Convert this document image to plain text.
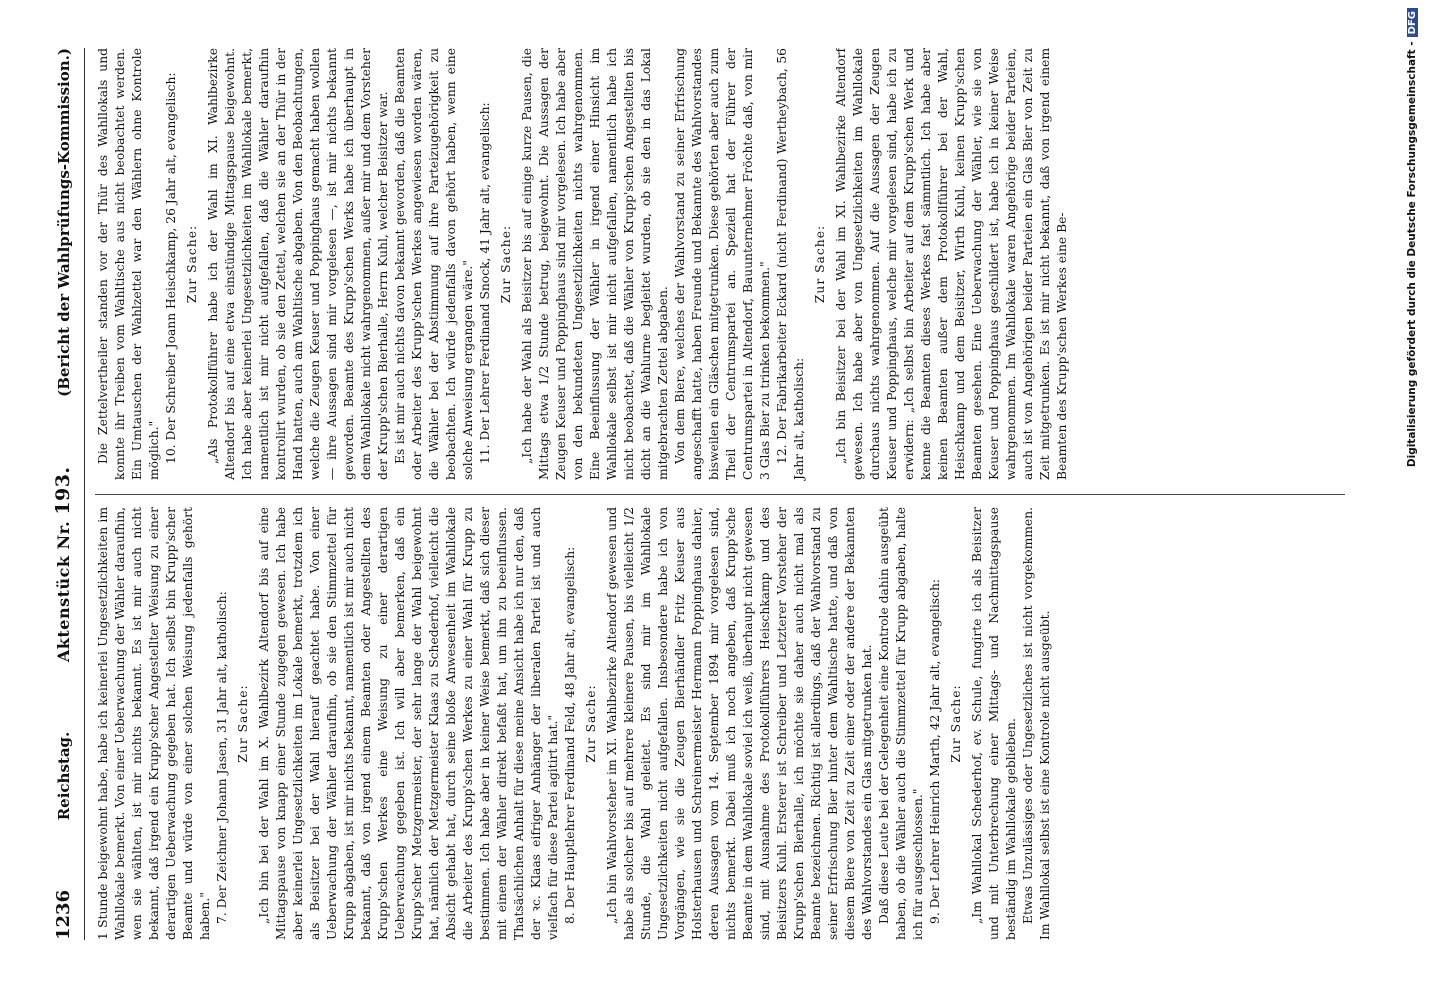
1236
Reichstag.
Aktenstück Nr. 193.
(Bericht der Wahlprüfungs-Kommission.)

1 Stunde beigewohnt habe, habe ich keinerlei Ungesetzlichkeiten im Wahllokale bemerkt. Von einer Ueberwachung der Wähler daraufhin, wen sie wählten, ist mir nichts bekannt. Es ist mir auch nicht bekannt, daß irgend ein Krupp'scher Angestellter Weisung zu einer derartigen Ueberwachung gegeben hat. Ich selbst bin Krupp'scher Beamte und würde von einer solchen Weisung jedenfalls gehört haben." 7. Der Zeichner Johann Jasen, 31 Jahr alt, katholisch: Zur Sache: „Ich bin bei der Wahl im X. Wahlbezirk Altendorf bis auf eine Mittagspause von knapp einer Stunde zugegen gewesen. Ich habe aber keinerlei Ungesetzlichkeiten im Lokale bemerkt, trotzdem ich als Beisitzer bei der Wahl hierauf geachtet habe. Von einer Ueberwachung der Wähler daraufhin, ob sie den Stimmzettel für Krupp abgaben, ist mir nichts bekannt, namentlich ist mir auch nicht bekannt, daß von irgend einem Beamten oder Angestellten des Krupp'schen Werkes eine Weisung zu einer derartigen Ueberwachung gegeben ist. Ich will aber bemerken, daß ein Krupp'scher Metzgermeister, der sehr lange der Wahl beigewohnt hat, nämlich der Metzgermeister Klaas zu Schederhof, vielleicht die Absicht gehabt hat, durch seine bloße Anwesenheit im Wahllokale die Arbeiter des Krupp'schen Werkes zu einer Wahl für Krupp zu bestimmen. Ich habe aber in keiner Weise bemerkt, daß sich dieser mit einem der Wähler direkt befaßt hat, um ihn zu beeinflussen. Thatsächlichen Anhalt für diese meine Ansicht habe ich nur den, daß der ꝛc. Klaas eifriger Anhänger der liberalen Partei ist und auch vielfach für diese Partei agitirt hat." 8. Der Hauptlehrer Ferdinand Feld, 48 Jahr alt, evangelisch: Zur Sache: „Ich bin Wahlvorsteher im XI. Wahlbezirke Altendorf gewesen und habe als solcher bis auf mehrere kleinere Pausen, bis vielleicht 1/2 Stunde, die Wahl geleitet. Es sind mir im Wahllokale Ungesetzlichkeiten nicht aufgefallen. Insbesondere habe ich von Vorgängen, wie sie die Zeugen Bierhändler Fritz Keuser aus Holsterhausen und Schreinermeister Hermann Poppinghaus dahier, deren Aussagen vom 14. September 1894 mir vorgelesen sind, nichts bemerkt. Dabei muß ich noch angeben, daß Krupp'sche Beamte in dem Wahllokale soviel ich weiß, überhaupt nicht gewesen sind, mit Ausnahme des Protokollführers Heischkamp und des Beisitzers Kuhl. Ersterer ist Schreiber und Letzterer Vorsteher der Krupp'schen Bierhalle, ich möchte sie daher auch nicht mal als Beamte bezeichnen. Richtig ist allerdings, daß der Wahlvorstand zu seiner Erfrischung Bier hinter dem Wahltische hatte, und daß von diesem Biere von Zeit zu Zeit einer oder der andere der Bekannten des Wahlvorstandes ein Glas mitgetrunken hat. Daß diese Leute bei der Gelegenheit eine Kontrole dahin ausgeübt haben, ob die Wähler auch die Stimmzettel für Krupp abgaben, halte ich für ausgeschlossen." 9. Der Lehrer Heinrich Marth, 42 Jahr alt, evangelisch: Zur Sache: „Im Wahllokal Schederhof, ev. Schule, fungirte ich als Beisitzer und mit Unterbrechung einer Mittags- und Nachmittagspause beständig im Wahllokale geblieben. Etwas Unzulässiges oder Ungesetzliches ist nicht vorgekommen. Im Wahllokal selbst ist eine Kontrole nicht ausgeübt.

Die Zettelvertheiler standen vor der Thür des Wahllokals und konnte ihr Treiben vom Wahltische aus nicht beobachtet werden. Ein Umtauschen der Wahlzettel war den Wählern ohne Kontrole möglich." 10. Der Schreiber Joann Heischkamp, 26 Jahr alt, evangelisch: Zur Sache: „Als Protokollführer habe ich der Wahl im XI. Wahlbezirke Altendorf bis auf eine etwa einstündige Mittagspause beigewohnt. Ich habe aber keinerlei Ungesetzlichkeiten im Wahllokale bemerkt, namentlich ist mir nicht aufgefallen, daß die Wähler daraufhin kontrolirt wurden, ob sie den Zettel, welchen sie an der Thür in der Hand hatten, auch am Wahltische abgaben. Von den Beobachtungen, welche die Zeugen Keuser und Poppinghaus gemacht haben wollen — ihre Aussagen sind mir vorgelesen —, ist mir nichts bekannt geworden. Beamte des Krupp'schen Werks habe ich überhaupt in dem Wahllokale nicht wahrgenommen, außer mir und dem Vorsteher der Krupp'schen Bierhalle, Herrn Kuhl, welcher Beisitzer war. Es ist mir auch nichts davon bekannt geworden, daß die Beamten oder Arbeiter des Krupp'schen Werkes angewiesen worden wären, die Wähler bei der Abstimmung auf ihre Parteizugehörigkeit zu beobachten. Ich würde jedenfalls davon gehört haben, wenn eine solche Anweisung ergangen wäre." 11. Der Lehrer Ferdinand Snock, 41 Jahr alt, evangelisch: Zur Sache: „Ich habe der Wahl als Beisitzer bis auf einige kurze Pausen, die Mittags etwa 1/2 Stunde betrug, beigewohnt. Die Aussagen der Zeugen Keuser und Poppinghaus sind mir vorgelesen. Ich habe aber von den bekundeten Ungesetzlichkeiten nichts wahrgenommen. Eine Beeinflussung der Wähler in irgend einer Hinsicht im Wahllokale selbst ist mir nicht aufgefallen, namentlich habe ich nicht beobachtet, daß die Wähler von Krupp'schen Angestellten bis dicht an die Wahlurne begleitet wurden, ob sie den in das Lokal mitgebrachten Zettel abgaben. Von dem Biere, welches der Wahlvorstand zu seiner Erfrischung angeschafft hatte, haben Freunde und Bekannte des Wahlvorstandes bisweilen ein Gläschen mitgetrunken. Diese gehörten aber auch zum Theil der Centrumspartei an. Speziell hat der Führer der Centrumspartei in Altendorf, Bauunternehmer Fröchte daß, von mir 3 Glas Bier zu trinken bekommen." 12. Der Fabrikarbeiter Eckard (nicht Ferdinand) Wertheybach, 56 Jahr alt, katholisch:

Zur Sache: „Ich bin Beisitzer bei der Wahl im XI. Wahlbezirke Altendorf gewesen. Ich habe aber von Ungesetzlichkeiten im Wahllokale durchaus nichts wahrgenommen. Auf die Aussagen der Zeugen Keuser und Poppinghaus, welche mir vorgelesen sind, habe ich zu erwidern: „Ich selbst bin Arbeiter auf dem Krupp'schen Werk und kenne die Beamten dieses Werkes fast sämmtlich. Ich habe aber keinen Beamten außer dem Protokollführer bei der Wahl, Heischkamp und dem Beisitzer, Wirth Kuhl, keinen Krupp'schen Beamten gesehen. Eine Ueberwachung der Wähler, wie sie von Keuser und Poppinghaus geschildert ist, habe ich in keiner Weise wahrgenommen. Im Wahllokale waren Angehörige beider Parteien, auch ist von Angehörigen beider Parteien ein Glas Bier von Zeit zu Zeit mitgetrunken. Es ist mir nicht bekannt, daß von irgend einem Beamten des Krupp'schen Werkes eine Be-	Digitalisierung gefördert durch die Deutsche Forschungsgemeinschaft -DFG
